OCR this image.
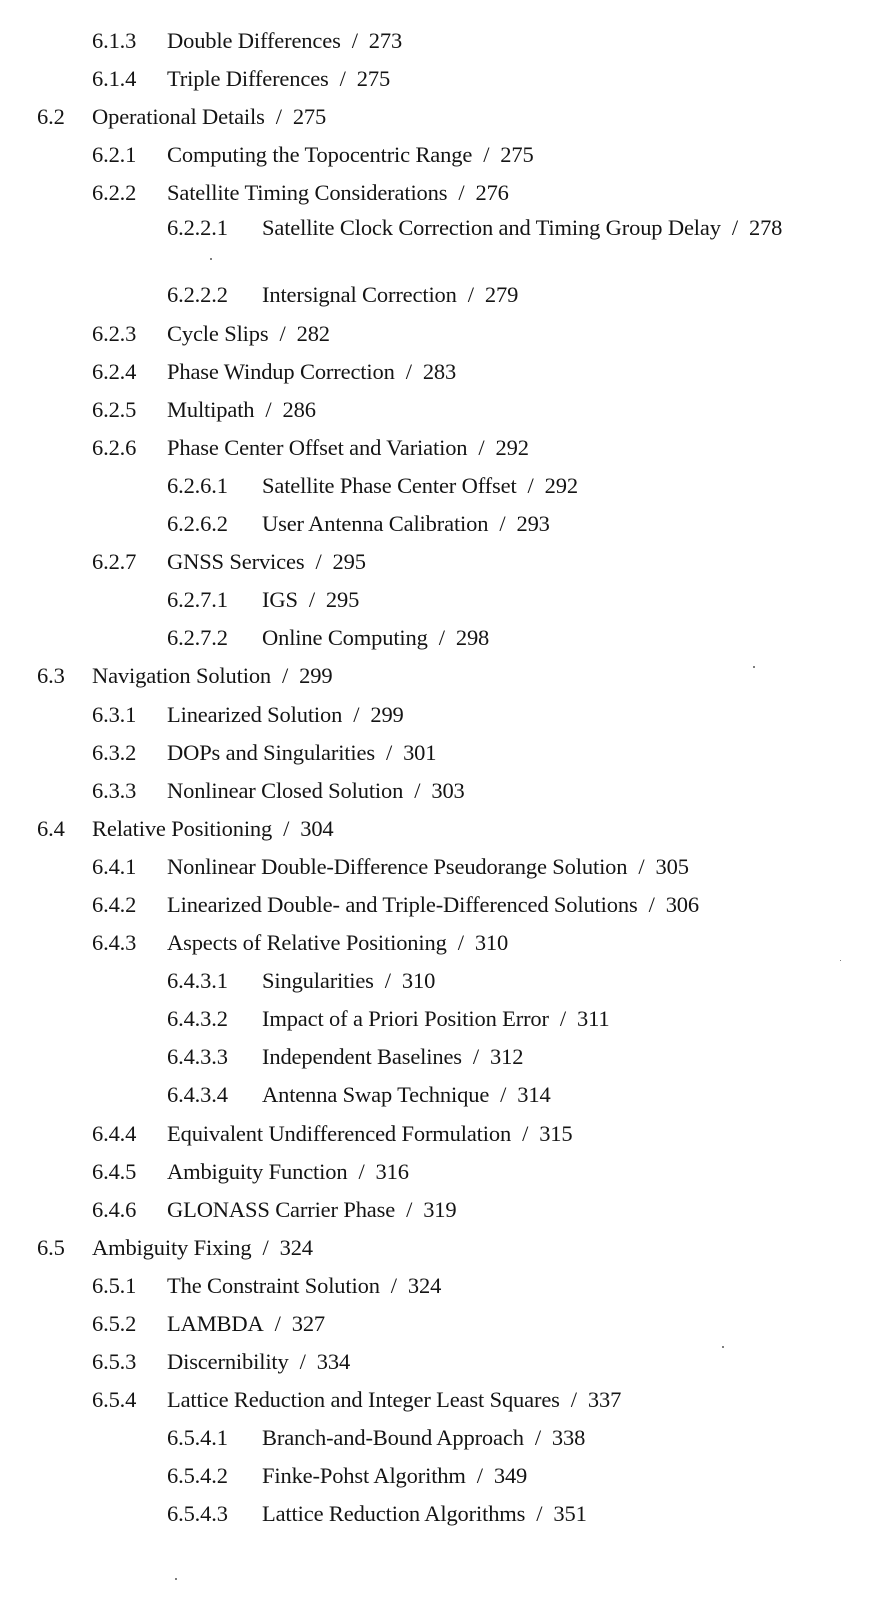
6.1.3 Double Differences / 273
6.1.4 Triple Differences / 275
6.2 Operational Details / 275
6.2.1 Computing the Topocentric Range / 275
6.2.2 Satellite Timing Considerations / 276
6.2.2.1 Satellite Clock Correction and Timing Group Delay / 278
6.2.2.2 Intersignal Correction / 279
6.2.3 Cycle Slips / 282
6.2.4 Phase Windup Correction / 283
6.2.5 Multipath / 286
6.2.6 Phase Center Offset and Variation / 292
6.2.6.1 Satellite Phase Center Offset / 292
6.2.6.2 User Antenna Calibration / 293
6.2.7 GNSS Services / 295
6.2.7.1 IGS / 295
6.2.7.2 Online Computing / 298
6.3 Navigation Solution / 299
6.3.1 Linearized Solution / 299
6.3.2 DOPs and Singularities / 301
6.3.3 Nonlinear Closed Solution / 303
6.4 Relative Positioning / 304
6.4.1 Nonlinear Double-Difference Pseudorange Solution / 305
6.4.2 Linearized Double- and Triple-Differenced Solutions / 306
6.4.3 Aspects of Relative Positioning / 310
6.4.3.1 Singularities / 310
6.4.3.2 Impact of a Priori Position Error / 311
6.4.3.3 Independent Baselines / 312
6.4.3.4 Antenna Swap Technique / 314
6.4.4 Equivalent Undifferenced Formulation / 315
6.4.5 Ambiguity Function / 316
6.4.6 GLONASS Carrier Phase / 319
6.5 Ambiguity Fixing / 324
6.5.1 The Constraint Solution / 324
6.5.2 LAMBDA / 327
6.5.3 Discernibility / 334
6.5.4 Lattice Reduction and Integer Least Squares / 337
6.5.4.1 Branch-and-Bound Approach / 338
6.5.4.2 Finke-Pohst Algorithm / 349
6.5.4.3 Lattice Reduction Algorithms / 351
